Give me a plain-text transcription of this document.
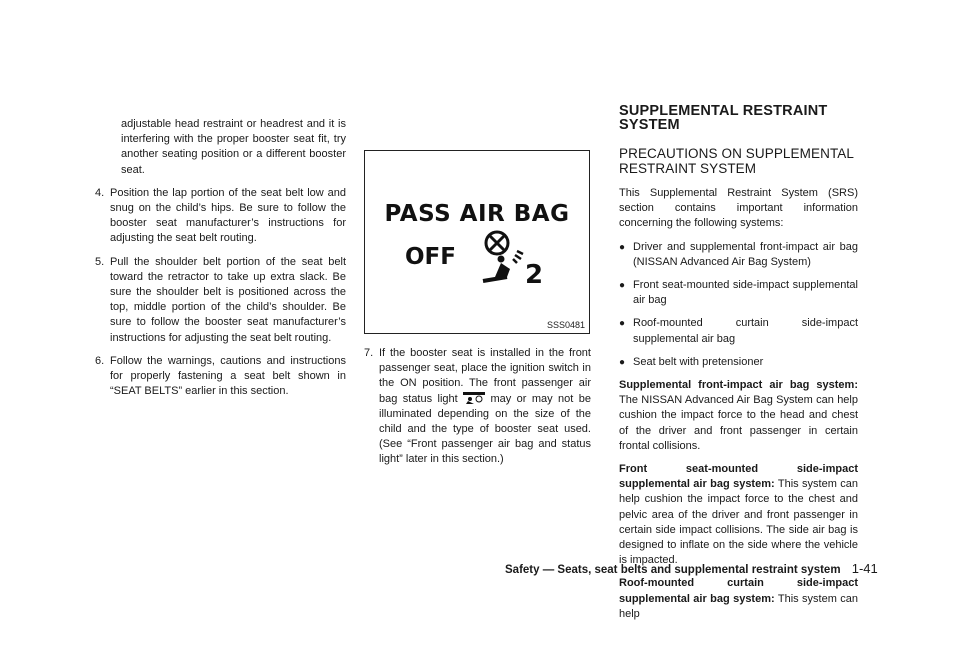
adjustable head restraint or headrest and it is interfering with the proper booster seat fit, try another seating position or a different booster seat.

4. Position the lap portion of the seat belt low and snug on the child’s hips. Be sure to follow the booster seat manufacturer’s instructions for adjusting the seat belt routing.
5. Pull the shoulder belt portion of the seat belt toward the retractor to take up extra slack. Be sure the shoulder belt is positioned across the top, middle portion of the child’s shoulder. Be sure to follow the booster seat manufacturer’s instructions for adjusting the seat belt routing.
6. Follow the warnings, cautions and instructions for properly fastening a seat belt shown in “SEAT BELTS” earlier in this section.
PASS AIR BAG
OFF
2
SSS0481
7. If the booster seat is installed in the front passenger seat, place the ignition switch in the ON position. The front passenger air bag status light	may or may not be illuminated depending on the size of the child and the type of booster seat used. (See “Front passenger air bag and status light” later in this section.)
SUPPLEMENTAL RESTRAINT SYSTEM
PRECAUTIONS ON SUPPLEMENTAL RESTRAINT SYSTEM

This Supplemental Restraint System (SRS) section contains important information concerning the following systems:

● Driver and supplemental front-impact air bag (NISSAN Advanced Air Bag System)
● Front seat-mounted side-impact supplemental air bag
● Roof-mounted curtain side-impact supplemental air bag
● Seat belt with pretensioner

Supplemental front-impact air bag system: The NISSAN Advanced Air Bag System can help cushion the impact force to the head and chest of the driver and front passenger in certain frontal collisions.

Front seat-mounted side-impact supplemental air bag system: This system can help cushion the impact force to the chest and pelvic area of the driver and front passenger in certain side impact collisions. The side air bag is designed to inflate on the side where the vehicle is impacted.

Roof-mounted curtain side-impact supplemental air bag system: This system can help

Safety — Seats, seat belts and supplemental restraint system 1-41
